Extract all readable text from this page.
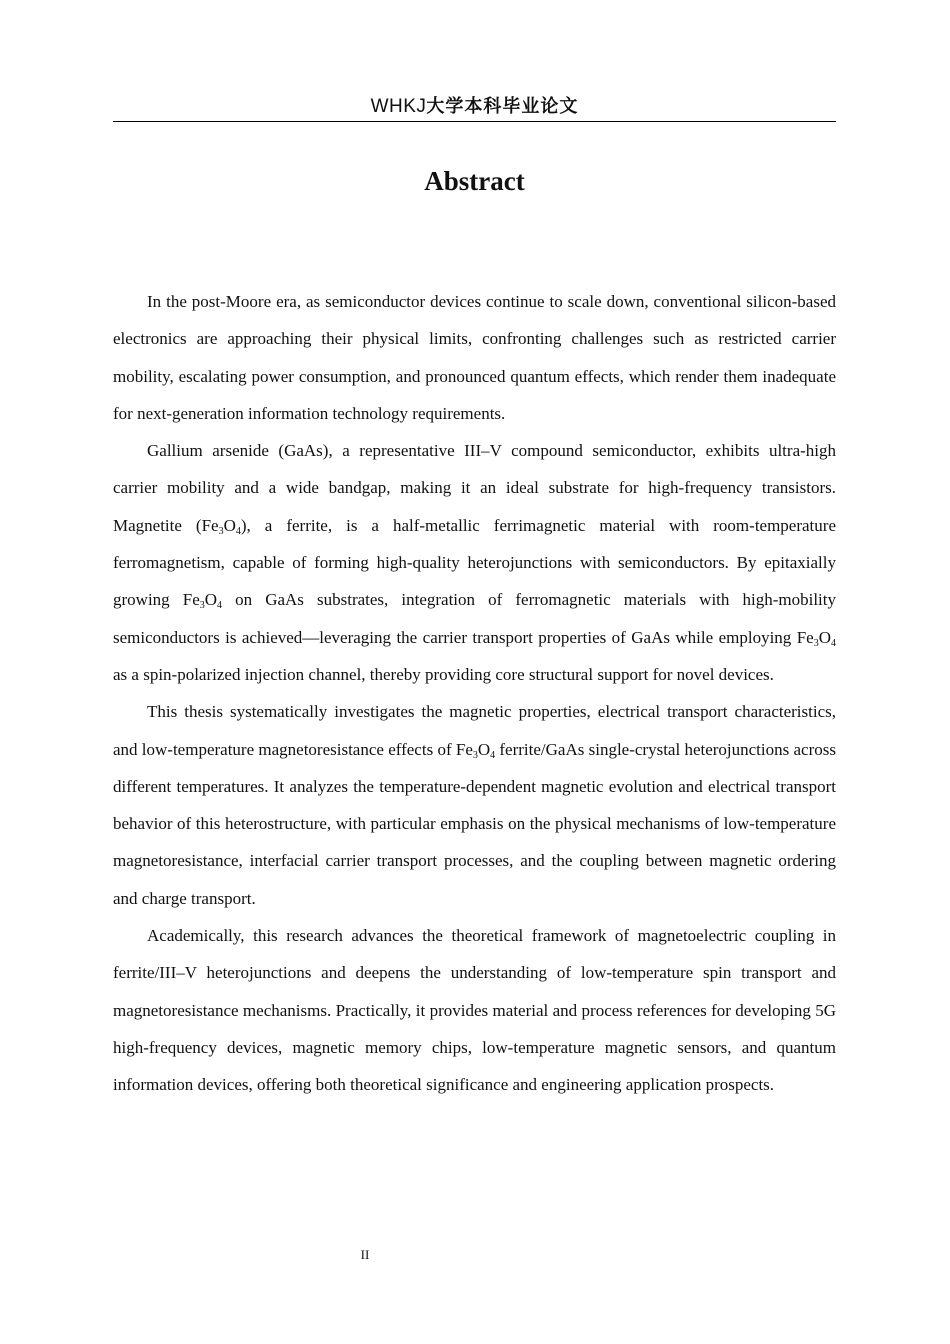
WHKJ大学本科毕业论文
Abstract

In the post-Moore era, as semiconductor devices continue to scale down, conventional silicon-based electronics are approaching their physical limits, confronting challenges such as restricted carrier mobility, escalating power consumption, and pronounced quantum effects, which render them inadequate for next-generation information technology requirements.

Gallium arsenide (GaAs), a representative III–V compound semiconductor, exhibits ultra-high carrier mobility and a wide bandgap, making it an ideal substrate for high-frequency transistors. Magnetite $(Fe_3O_4)$, a ferrite, is a half-metallic ferrimagnetic material with room-temperature ferromagnetism, capable of forming high-quality heterojunctions with semiconductors. By epitaxially growing $Fe_3O_4$ on GaAs substrates, integration of ferromagnetic materials with high-mobility semiconductors is achieved—leveraging the carrier transport properties of GaAs while employing $Fe_3O_4$ as a spin-polarized injection channel, thereby providing core structural support for novel devices.

This thesis systematically investigates the magnetic properties, electrical transport characteristics, and low-temperature magnetoresistance effects of $Fe_3O_4$ ferrite/GaAs single-crystal heterojunctions across different temperatures. It analyzes the temperature-dependent magnetic evolution and electrical transport behavior of this heterostructure, with particular emphasis on the physical mechanisms of low-temperature magnetoresistance, interfacial carrier transport processes, and the coupling between magnetic ordering and charge transport.

Academically, this research advances the theoretical framework of magnetoelectric coupling in ferrite/III–V heterojunctions and deepens the understanding of low-temperature spin transport and magnetoresistance mechanisms. Practically, it provides material and process references for developing 5G high-frequency devices, magnetic memory chips, low-temperature magnetic sensors, and quantum information devices, offering both theoretical significance and engineering application prospects.

II
